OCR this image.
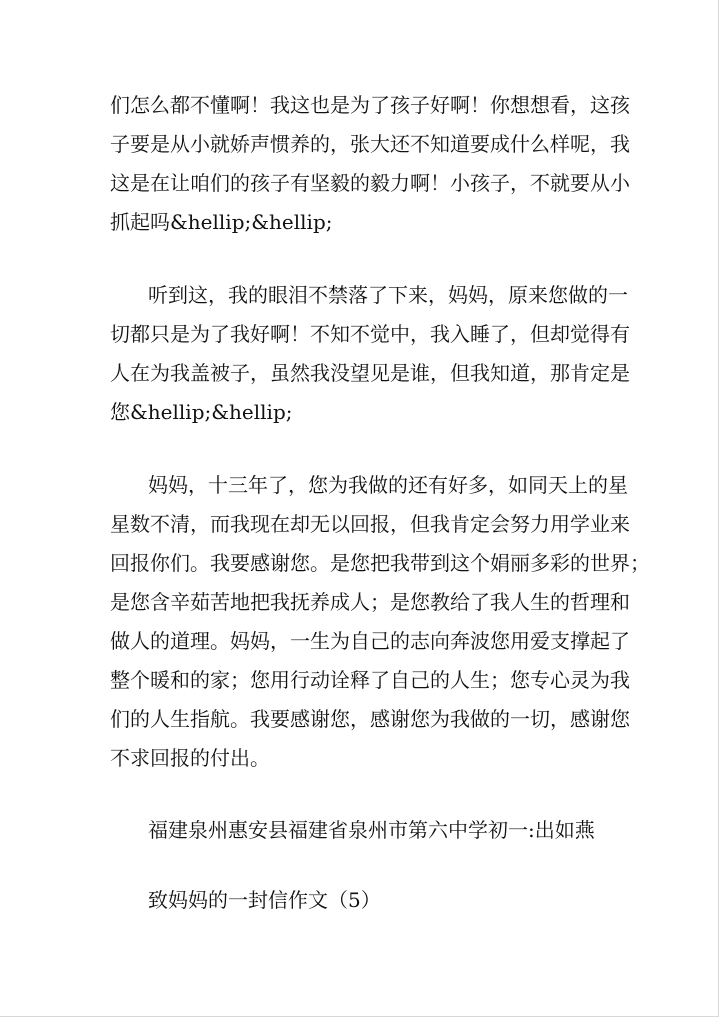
们怎么都不懂啊！我这也是为了孩子好啊！你想想看，这孩
子要是从小就娇声惯养的，张大还不知道要成什么样呢，我
这是在让咱们的孩子有坚毅的毅力啊！小孩子，不就要从小
抓起吗&hellip;&hellip;
听到这，我的眼泪不禁落了下来，妈妈，原来您做的一
切都只是为了我好啊！不知不觉中，我入睡了，但却觉得有
人在为我盖被子，虽然我没望见是谁，但我知道，那肯定是
您&hellip;&hellip;
妈妈，十三年了，您为我做的还有好多，如同天上的星
星数不清，而我现在却无以回报，但我肯定会努力用学业来
回报你们。我要感谢您。是您把我带到这个娟丽多彩的世界；
是您含辛茹苦地把我抚养成人；是您教给了我人生的哲理和
做人的道理。妈妈，一生为自己的志向奔波您用爱支撑起了
整个暖和的家；您用行动诠释了自己的人生；您专心灵为我
们的人生指航。我要感谢您，感谢您为我做的一切，感谢您
不求回报的付出。
福建泉州惠安县福建省泉州市第六中学初一:出如燕
致妈妈的一封信作文（5）
